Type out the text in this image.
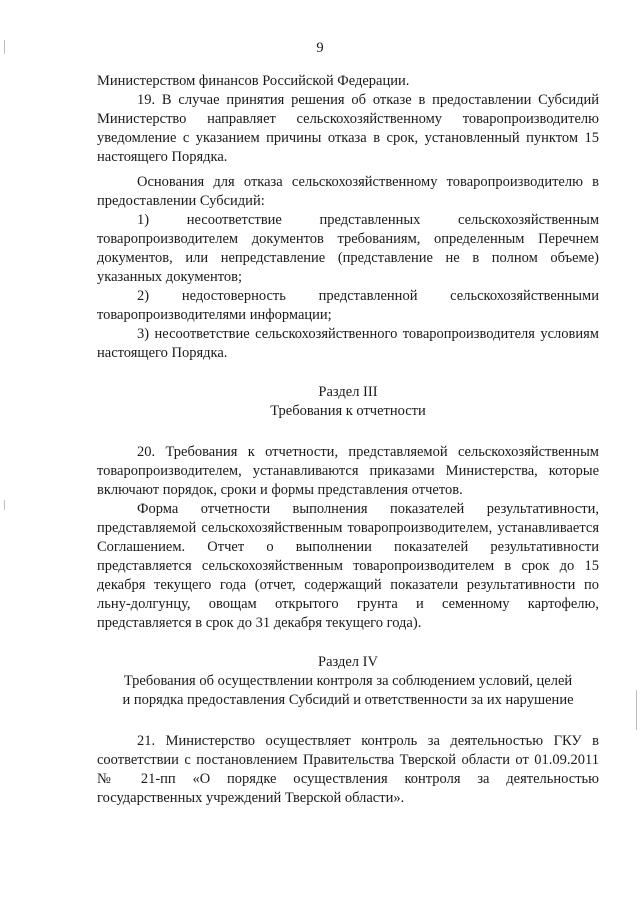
9

Министерством финансов Российской Федерации.

19. В случае принятия решения об отказе в предоставлении Субсидий Министерство направляет сельскохозяйственному товаропроизводителю уведомление с указанием причины отказа в срок, установленный пунктом 15 настоящего Порядка.

Основания для отказа сельскохозяйственному товаропроизводителю в предоставлении Субсидий:

1) несоответствие представленных сельскохозяйственным товаропроизводителем документов требованиям, определенным Перечнем документов, или непредставление (представление не в полном объеме) указанных документов;

2) недостоверность представленной сельскохозяйственными товаропроизводителями информации;

3) несоответствие сельскохозяйственного товаропроизводителя условиям настоящего Порядка.

Раздел III

Требования к отчетности

20. Требования к отчетности, представляемой сельскохозяйственным товаропроизводителем, устанавливаются приказами Министерства, которые включают порядок, сроки и формы представления отчетов.

Форма отчетности выполнения показателей результативности, представляемой сельскохозяйственным товаропроизводителем, устанавливается Соглашением. Отчет о выполнении показателей результативности представляется сельскохозяйственным товаропроизводителем в срок до 15 декабря текущего года (отчет, содержащий показатели результативности по льну-долгунцу, овощам открытого грунта и семенному картофелю, представляется в срок до 31 декабря текущего года).

Раздел IV

Требования об осуществлении контроля за соблюдением условий, целей

и порядка предоставления Субсидий и ответственности за их нарушение

21. Министерство осуществляет контроль за деятельностью ГКУ в соответствии с постановлением Правительства Тверской области от 01.09.2011 № 21-пп «О порядке осуществления контроля за деятельностью государственных учреждений Тверской области».
